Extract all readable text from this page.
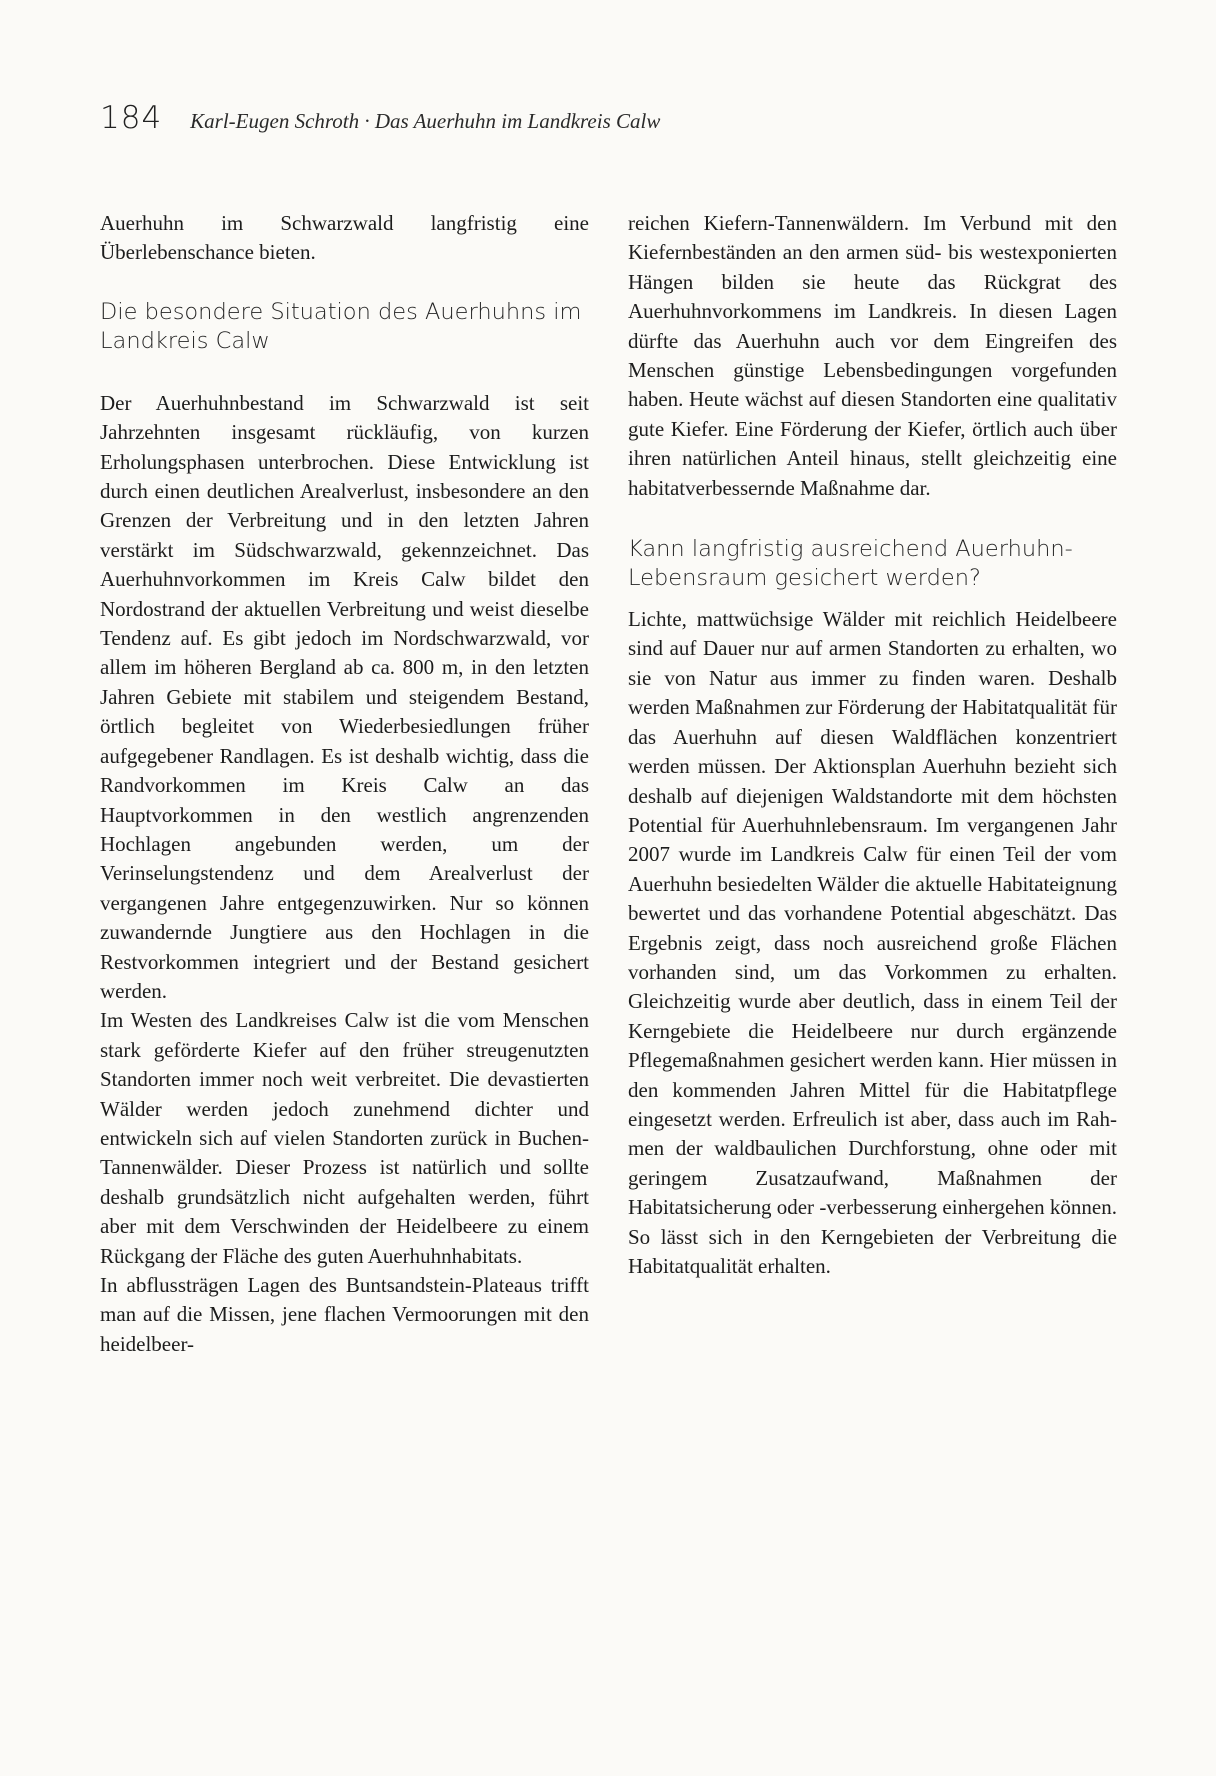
184 Karl-Eugen Schroth · Das Auerhuhn im Landkreis Calw

Auerhuhn im Schwarzwald langfristig eine Überlebenschance bieten.

Die besondere Situation des Auerhuhns im Landkreis Calw

Der Auerhuhnbestand im Schwarzwald ist seit Jahrzehnten insgesamt rückläufig, von kurzen Erholungsphasen unterbrochen. Diese Entwicklung ist durch einen deutlichen Arealverlust, insbesondere an den Grenzen der Verbreitung und in den letzten Jahren verstärkt im Südschwarzwald, gekennzeichnet. Das Auerhuhnvorkommen im Kreis Calw bildet den Nordostrand der aktuellen Verbreitung und weist dieselbe Tendenz auf. Es gibt jedoch im Nordschwarzwald, vor allem im höheren Bergland ab ca. 800 m, in den letzten Jahren Gebiete mit stabilem und steigendem Bestand, örtlich begleitet von Wiederbesiedlungen früher aufgegebener Randlagen. Es ist deshalb wichtig, dass die Randvorkommen im Kreis Calw an das Hauptvorkommen in den westlich angrenzenden Hochlagen angebunden werden, um der Verinselungstendenz und dem Arealverlust der vergangenen Jahre entgegenzuwirken. Nur so können zuwandernde Jungtiere aus den Hochlagen in die Restvorkommen integriert und der Bestand gesichert werden.

Im Westen des Landkreises Calw ist die vom Menschen stark geförderte Kiefer auf den früher streugenutzten Standorten immer noch weit verbreitet. Die devastierten Wälder werden jedoch zunehmend dichter und entwickeln sich auf vielen Standorten zurück in Buchen-Tannenwälder. Dieser Prozess ist natürlich und sollte deshalb grundsätzlich nicht aufgehalten werden, führt aber mit dem Verschwinden der Heidelbeere zu einem Rückgang der Fläche des guten Auerhuhnhabitats.

In abflussträgen Lagen des Buntsandstein-Plateaus trifft man auf die Missen, jene flachen Vermoorungen mit den heidelbeer-

reichen Kiefern-Tannenwäldern. Im Verbund mit den Kiefernbeständen an den armen süd- bis westexponierten Hängen bilden sie heute das Rückgrat des Auerhuhnvorkommens im Landkreis. In diesen Lagen dürfte das Auerhuhn auch vor dem Eingreifen des Menschen günstige Lebensbedingungen vorgefunden haben. Heute wächst auf diesen Standorten eine qualitativ gute Kiefer. Eine Förderung der Kiefer, örtlich auch über ihren natürlichen Anteil hinaus, stellt gleichzeitig eine habitatverbessernde Maßnahme dar.

Kann langfristig ausreichend Auerhuhn-Lebensraum gesichert werden?

Lichte, mattwüchsige Wälder mit reichlich Heidelbeere sind auf Dauer nur auf armen Standorten zu erhalten, wo sie von Natur aus immer zu finden waren. Deshalb werden Maßnahmen zur Förderung der Habitatqualität für das Auerhuhn auf diesen Waldflächen konzentriert werden müssen. Der Aktionsplan Auerhuhn bezieht sich deshalb auf diejenigen Waldstandorte mit dem höchsten Potential für Auerhuhnlebensraum. Im vergangenen Jahr 2007 wurde im Landkreis Calw für einen Teil der vom Auerhuhn besiedelten Wälder die aktuelle Habitateignung bewertet und das vorhandene Potential abgeschätzt. Das Ergebnis zeigt, dass noch ausreichend große Flächen vorhanden sind, um das Vorkommen zu erhalten. Gleichzeitig wurde aber deutlich, dass in einem Teil der Kerngebiete die Heidelbeere nur durch ergänzende Pflegemaßnahmen gesichert werden kann. Hier müssen in den kommenden Jahren Mittel für die Habitatpflege eingesetzt werden. Erfreulich ist aber, dass auch im Rahmen der waldbaulichen Durchforstung, ohne oder mit geringem Zusatzaufwand, Maßnahmen der Habitatsicherung oder -verbesserung einhergehen können. So lässt sich in den Kerngebieten der Verbreitung die Habitatqualität erhalten.
